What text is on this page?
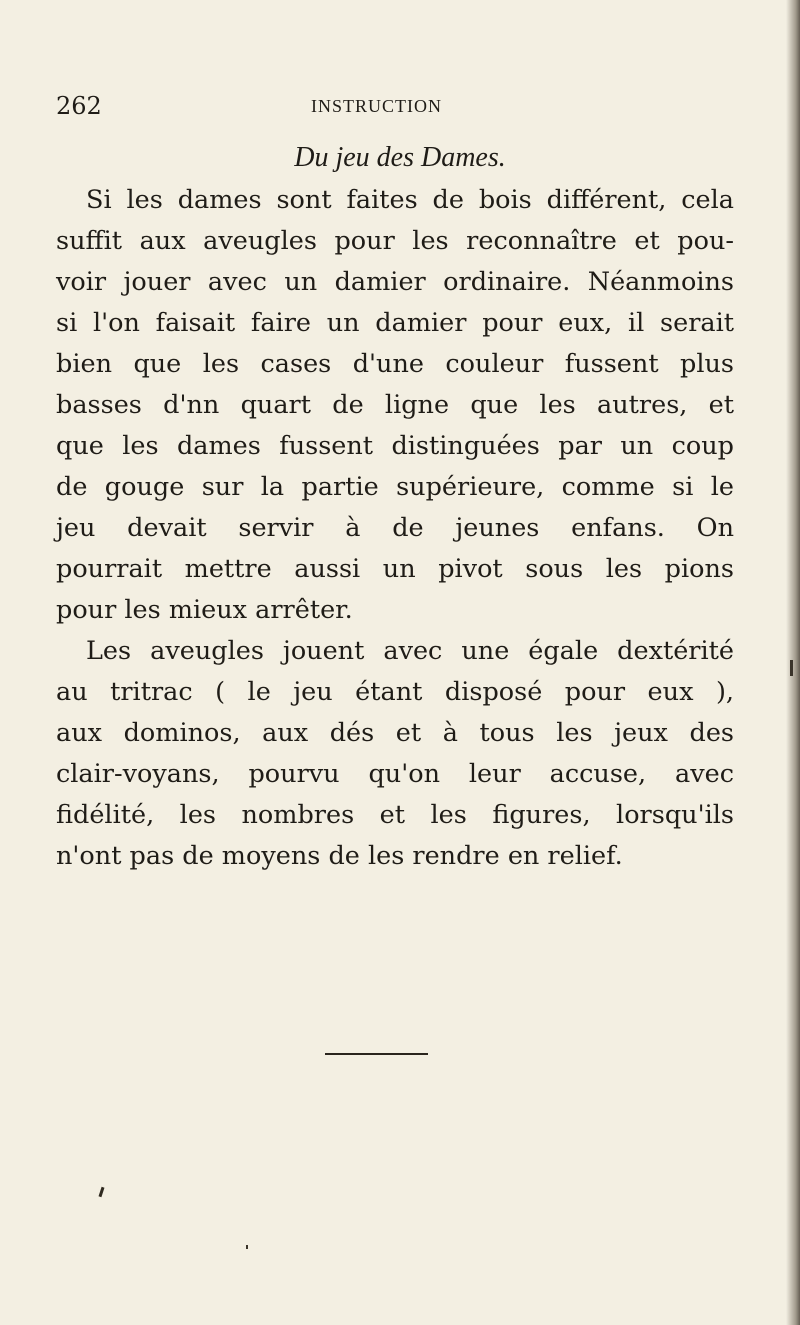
262	INSTRUCTION
Du jeu des Dames.
Si les dames sont faites de bois différent, cela
suffit aux aveugles pour les reconnaître et pou-
voir jouer avec un damier ordinaire. Néanmoins
si l'on faisait faire un damier pour eux, il serait
bien que les cases d'une couleur fussent plus
basses d'nn quart de ligne que les autres, et
que les dames fussent distinguées par un coup
de gouge sur la partie supérieure, comme si le
jeu devait servir à de jeunes enfans. On
pourrait mettre aussi un pivot sous les pions
pour les mieux arrêter.
Les aveugles jouent avec une égale dextérité
au tritrac ( le jeu étant disposé pour eux ),
aux dominos, aux dés et à tous les jeux des
clair-voyans, pourvu qu'on leur accuse, avec
fidélité, les nombres et les figures, lorsqu'ils
n'ont pas de moyens de les rendre en relief.
